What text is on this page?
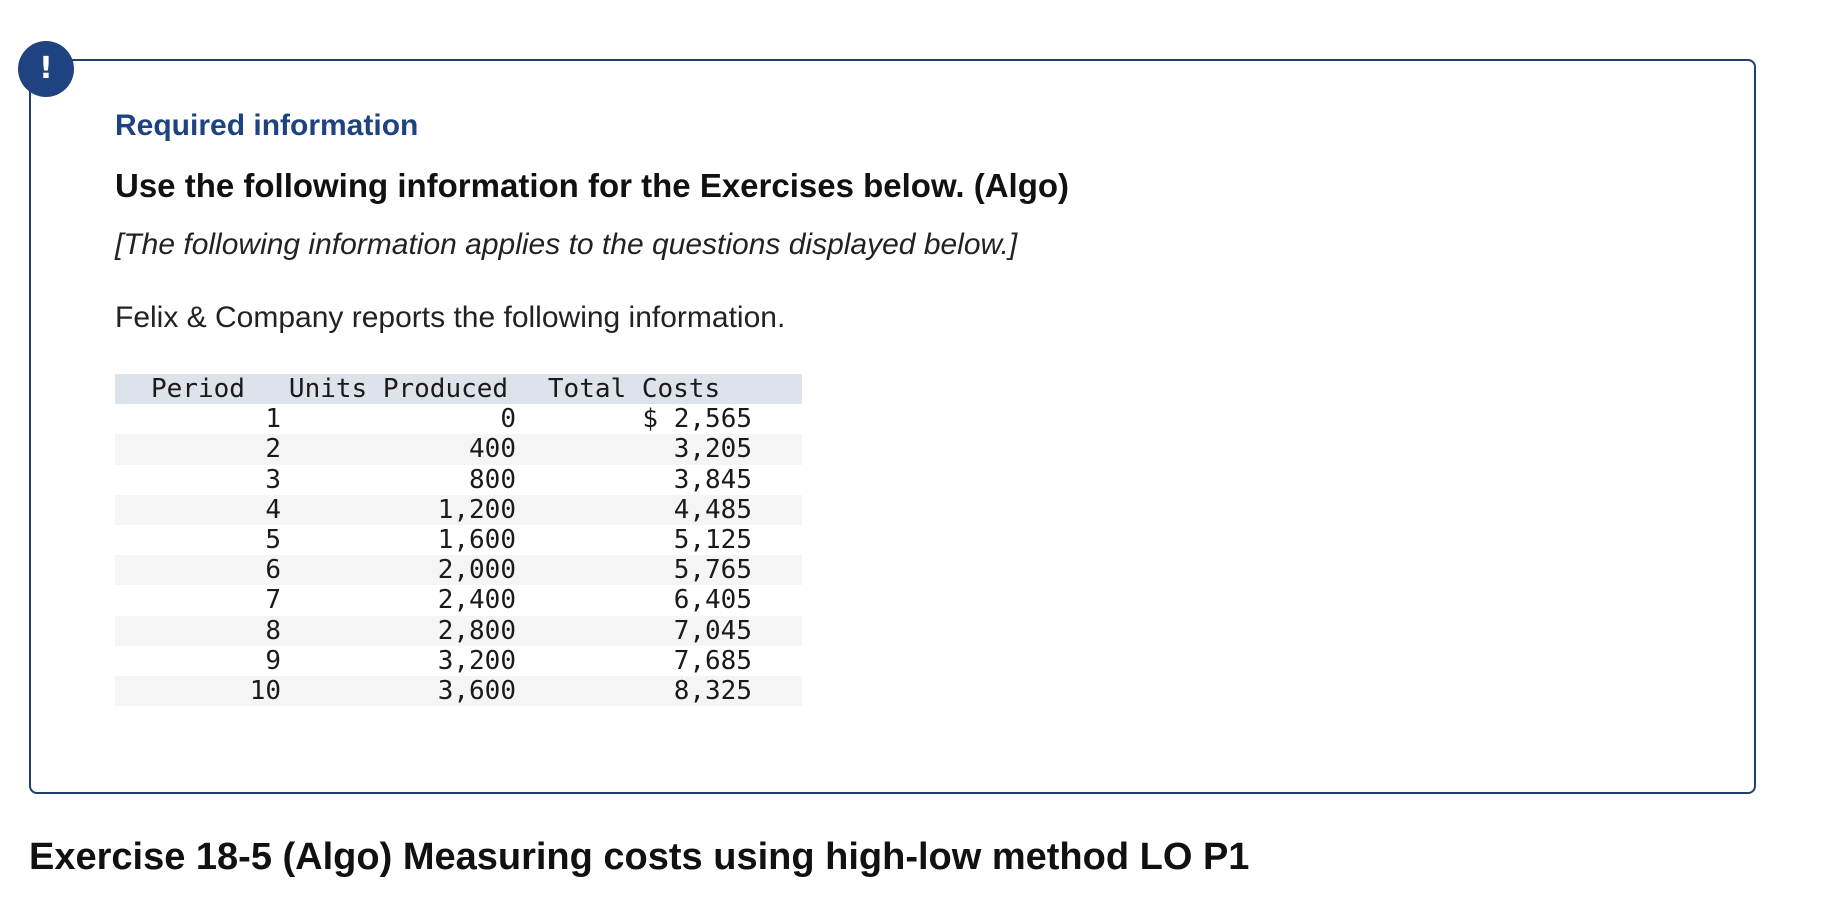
!
Required information
Use the following information for the Exercises below. (Algo)
[The following information applies to the questions displayed below.]
Felix & Company reports the following information.
Period	Units Produced	Total Costs	
1	0	$ 2,565	
2	400	3,205	
3	800	3,845	
4	1,200	4,485	
5	1,600	5,125	
6	2,000	5,765	
7	2,400	6,405	
8	2,800	7,045	
9	3,200	7,685	
10	3,600	8,325	
Exercise 18-5 (Algo) Measuring costs using high-low method LO P1
